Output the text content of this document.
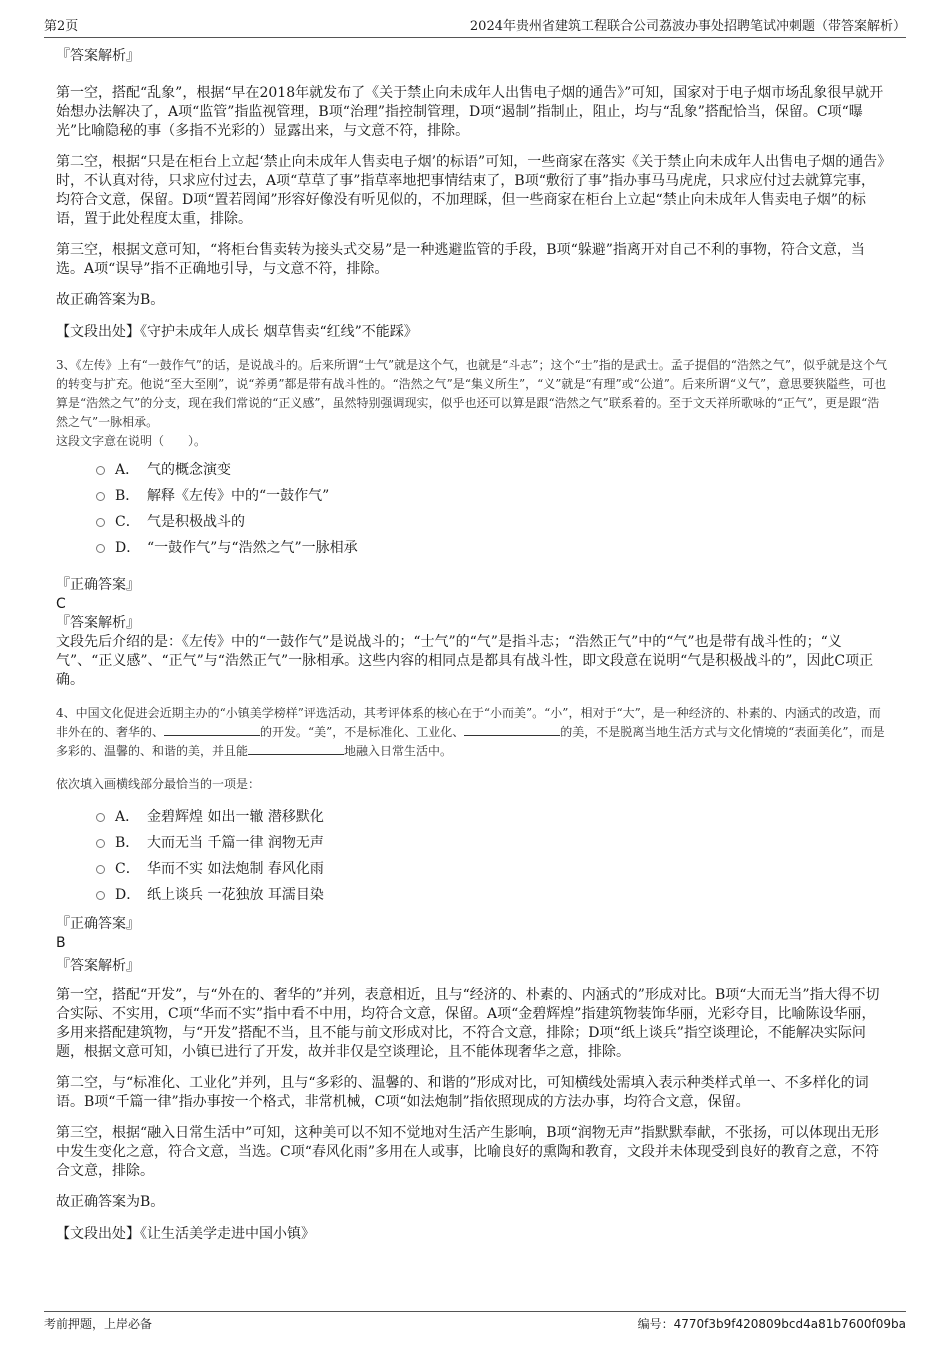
第2页	2024年贵州省建筑工程联合公司荔波办事处招聘笔试冲刺题（带答案解析）

『答案解析』

第一空，搭配“乱象”，根据“早在2018年就发布了《关于禁止向未成年人出售电子烟的通告》”可知，国家对于电子烟市场乱象很早就开始想办法解决了，A项“监管”指监视管理，B项“治理”指控制管理，D项“遏制”指制止，阻止，均与“乱象”搭配恰当，保留。C项“曝光”比喻隐秘的事（多指不光彩的）显露出来，与文意不符，排除。

第二空，根据“只是在柜台上立起‘禁止向未成年人售卖电子烟’的标语”可知，一些商家在落实《关于禁止向未成年人出售电子烟的通告》时，不认真对待，只求应付过去，A项“草草了事”指草率地把事情结束了，B项“敷衍了事”指办事马马虎虎，只求应付过去就算完事，均符合文意，保留。D项“置若罔闻”形容好像没有听见似的，不加理睬，但一些商家在柜台上立起“禁止向未成年人售卖电子烟”的标语，置于此处程度太重，排除。

第三空，根据文意可知，“将柜台售卖转为接头式交易”是一种逃避监管的手段，B项“躲避”指离开对自己不利的事物，符合文意，当选。A项“误导”指不正确地引导，与文意不符，排除。

故正确答案为B。

【文段出处】《守护未成年人成长 烟草售卖“红线”不能踩》

3、《左传》上有“一鼓作气”的话，是说战斗的。后来所谓“士气”就是这个气，也就是“斗志”；这个“士”指的是武士。孟子提倡的“浩然之气”，似乎就是这个气的转变与扩充。他说“至大至刚”，说“养勇”都是带有战斗性的。“浩然之气”是“集义所生”，“义”就是“有理”或“公道”。后来所谓“义气”，意思要狭隘些，可也算是“浩然之气”的分支，现在我们常说的“正义感”，虽然特别强调现实，似乎也还可以算是跟“浩然之气”联系着的。至于文天祥所歌咏的“正气”，更是跟“浩然之气”一脉相承。

这段文字意在说明（　　）。

A． 气的概念演变
B． 解释《左传》中的“一鼓作气”
C． 气是积极战斗的
D． “一鼓作气”与“浩然之气”一脉相承

『正确答案』

C

『答案解析』

文段先后介绍的是：《左传》中的“一鼓作气”是说战斗的；“士气”的“气”是指斗志；“浩然正气”中的“气”也是带有战斗性的；“义气”、“正义感”、“正气”与“浩然正气”一脉相承。这些内容的相同点是都具有战斗性，即文段意在说明“气是积极战斗的”，因此C项正确。

4、中国文化促进会近期主办的“小镇美学榜样”评选活动，其考评体系的核心在于“小而美”。“小”，相对于“大”，是一种经济的、朴素的、内涵式的改造，而非外在的、奢华的、	的开发。“美”，不是标准化、工业化、	的美，不是脱离当地生活方式与文化情境的“表面美化”，而是多彩的、温馨的、和谐的美，并且能	地融入日常生活中。

依次填入画横线部分最恰当的一项是：

A． 金碧辉煌 如出一辙 潜移默化
B． 大而无当 千篇一律 润物无声
C． 华而不实 如法炮制 春风化雨
D． 纸上谈兵 一花独放 耳濡目染

『正确答案』

B

『答案解析』

第一空，搭配“开发”，与“外在的、奢华的”并列，表意相近，且与“经济的、朴素的、内涵式的”形成对比。B项“大而无当”指大得不切合实际、不实用，C项“华而不实”指中看不中用，均符合文意，保留。A项“金碧辉煌”指建筑物装饰华丽，光彩夺目，比喻陈设华丽，多用来搭配建筑物，与“开发”搭配不当，且不能与前文形成对比，不符合文意，排除；D项“纸上谈兵”指空谈理论，不能解决实际问题，根据文意可知，小镇已进行了开发，故并非仅是空谈理论，且不能体现奢华之意，排除。

第二空，与“标准化、工业化”并列，且与“多彩的、温馨的、和谐的”形成对比，可知横线处需填入表示种类样式单一、不多样化的词语。B项“千篇一律”指办事按一个格式，非常机械，C项“如法炮制”指依照现成的方法办事，均符合文意，保留。

第三空，根据“融入日常生活中”可知，这种美可以不知不觉地对生活产生影响，B项“润物无声”指默默奉献，不张扬，可以体现出无形中发生变化之意，符合文意，当选。C项“春风化雨”多用在人或事，比喻良好的熏陶和教育，文段并未体现受到良好的教育之意，不符合文意，排除。

故正确答案为B。

【文段出处】《让生活美学走进中国小镇》

考前押题，上岸必备	编号：4770f3b9f420809bcd4a81b7600f09ba
